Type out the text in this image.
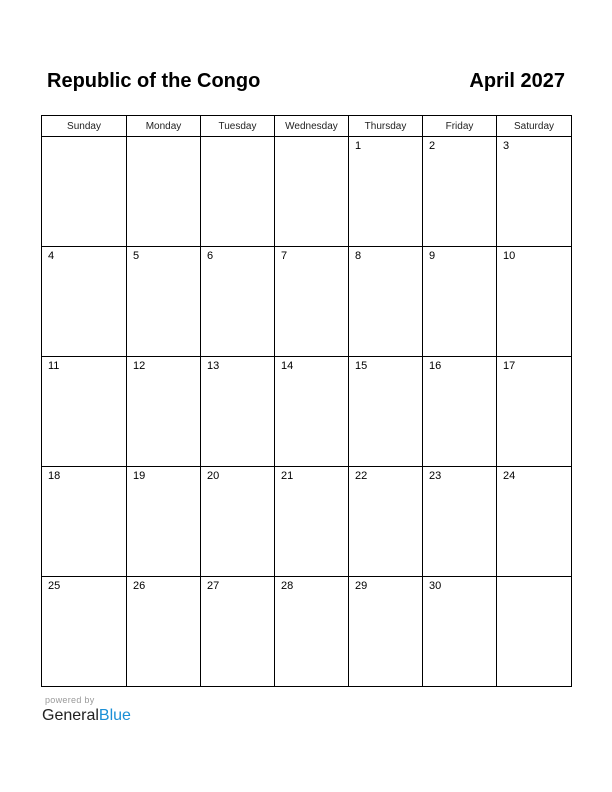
Republic of the Congo	April 2027
Sunday	Monday	Tuesday	Wednesday	Thursday	Friday	Saturday

				1	2	3

4	5	6	7	8	9	10

11	12	13	14	15	16	17

18	19	20	21	22	23	24

25	26	27	28	29	30	

powered by
GeneralBlue
